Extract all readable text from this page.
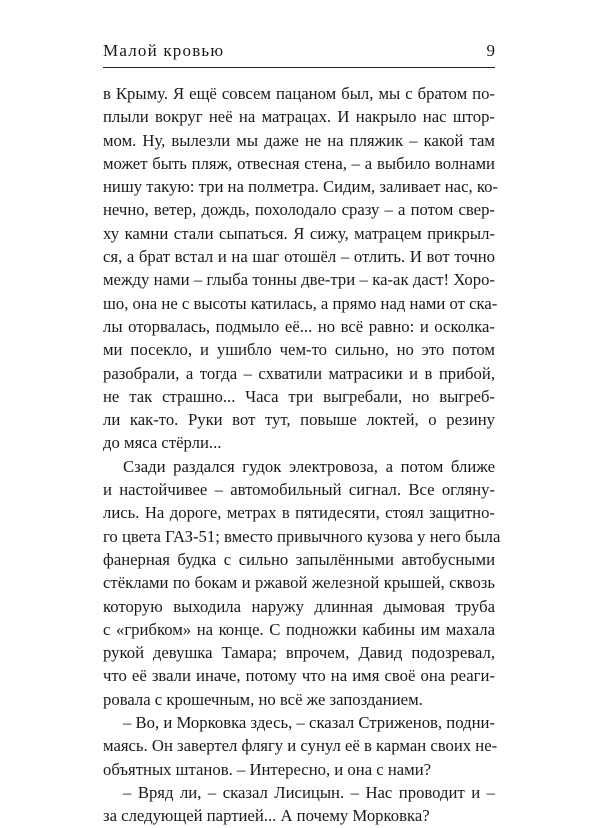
Малой кровью	9
в Крыму. Я ещё совсем пацаном был, мы с братом по-
плыли вокруг неё на матрацах. И накрыло нас штор-
мом. Ну, вылезли мы даже не на пляжик – какой там
может быть пляж, отвесная стена, – а выбило волнами
нишу такую: три на полметра. Сидим, заливает нас, ко-
нечно, ветер, дождь, похолодало сразу – а потом свер-
ху камни стали сыпаться. Я сижу, матрацем прикрыл-
ся, а брат встал и на шаг отошёл – отлить. И вот точно
между нами – глыба тонны две-три – ка-ак даст! Хоро-
шо, она не с высоты катилась, а прямо над нами от ска-
лы оторвалась, подмыло её... но всё равно: и осколка-
ми посекло, и ушибло чем-то сильно, но это потом
разобрали, а тогда – схватили матрасики и в прибой,
не так страшно... Часа три выгребали, но выгреб-
ли как-то. Руки вот тут, повыше локтей, о резину
до мяса стёрли...
Сзади раздался гудок электровоза, а потом ближе
и настойчивее – автомобильный сигнал. Все огляну-
лись. На дороге, метрах в пятидесяти, стоял защитно-
го цвета ГАЗ-51; вместо привычного кузова у него была
фанерная будка с сильно запылёнными автобусными
стёклами по бокам и ржавой железной крышей, сквозь
которую выходила наружу длинная дымовая труба
с «грибком» на конце. С подножки кабины им махала
рукой девушка Тамара; впрочем, Давид подозревал,
что её звали иначе, потому что на имя своё она реаги-
ровала с крошечным, но всё же запозданием.
– Во, и Морковка здесь, – сказал Стриженов, подни-
маясь. Он завертел флягу и сунул её в карман своих не-
объятных штанов. – Интересно, и она с нами?
– Вряд ли, – сказал Лисицын. – Нас проводит и –
за следующей партией... А почему Морковка?
